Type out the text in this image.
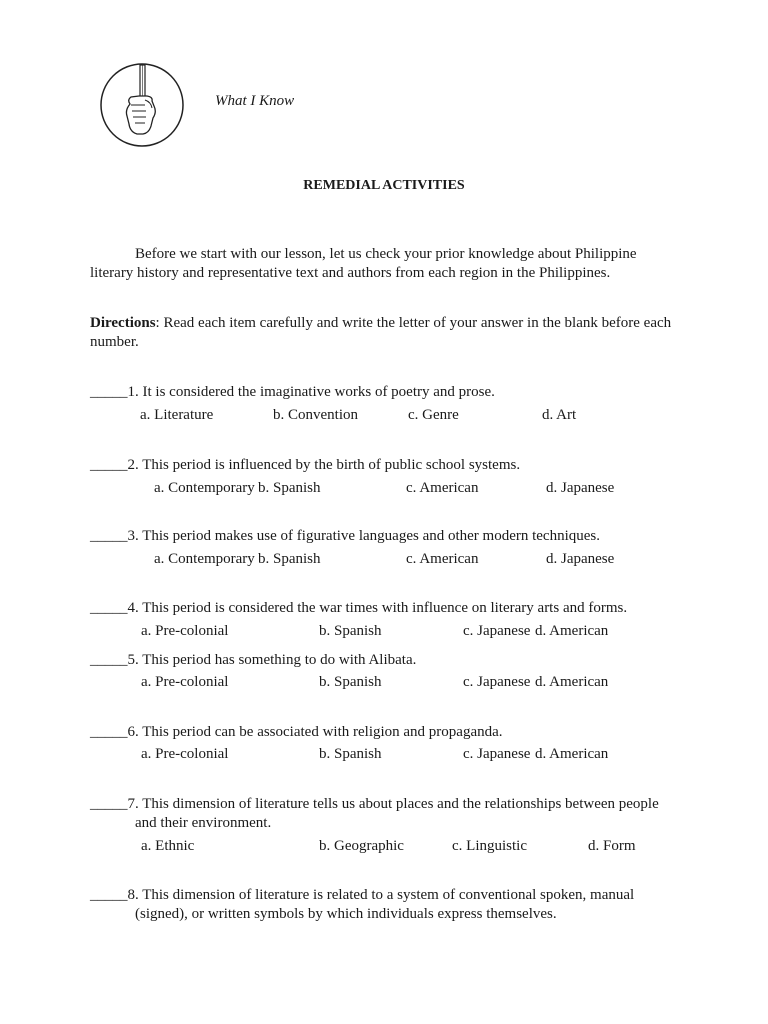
What I Know
REMEDIAL ACTIVITIES
Before we start with our lesson, let us check your prior knowledge about Philippine literary history and representative text and authors from each region in the Philippines.
Directions: Read each item carefully and write the letter of your answer in the blank before each number.
_____1. It is considered the imaginative works of poetry and prose.
a. Literature	b. Convention	c. Genre	d. Art
_____2. This period is influenced by the birth of public school systems.
a. Contemporary b. Spanish	c. American	d. Japanese
_____3. This period makes use of figurative languages and other modern techniques.
a. Contemporary b. Spanish	c. American	d. Japanese
_____4. This period is considered the war times with influence on literary arts and forms.
a. Pre-colonial	b. Spanish	c. Japanese d. American
_____5. This period has something to do with Alibata.
a. Pre-colonial	b. Spanish	c. Japanese d. American
_____6. This period can be associated with religion and propaganda.
a. Pre-colonial	b. Spanish	c. Japanese d. American
_____7. This dimension of literature tells us about places and the relationships between people
and their environment.
a. Ethnic	b. Geographic	c. Linguistic	d. Form
_____8. This dimension of literature is related to a system of conventional spoken, manual
(signed), or written symbols by which individuals express themselves.
